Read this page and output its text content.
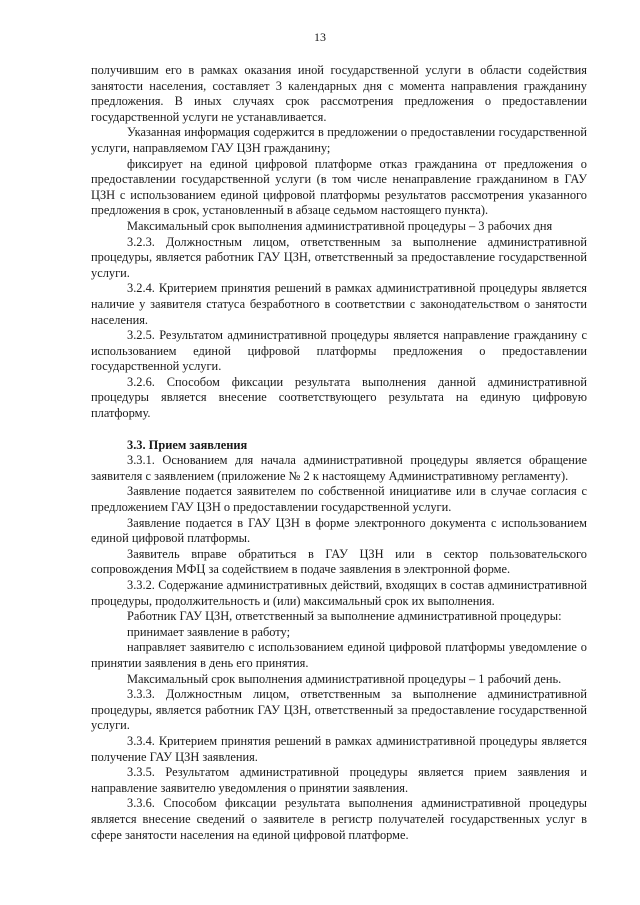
13

получившим его в рамках оказания иной государственной услуги в области содействия занятости населения, составляет 3 календарных дня с момента направления гражданину предложения. В иных случаях срок рассмотрения предложения о предоставлении государственной услуги не устанавливается.

Указанная информация содержится в предложении о предоставлении государственной услуги, направляемом ГАУ ЦЗН гражданину;

фиксирует на единой цифровой платформе отказ гражданина от предложения о предоставлении государственной услуги (в том числе ненаправление гражданином в ГАУ ЦЗН с использованием единой цифровой платформы результатов рассмотрения указанного предложения в срок, установленный в абзаце седьмом настоящего пункта).

Максимальный срок выполнения административной процедуры – 3 рабочих дня

3.2.3. Должностным лицом, ответственным за выполнение административной процедуры, является работник ГАУ ЦЗН, ответственный за предоставление государственной услуги.

3.2.4. Критерием принятия решений в рамках административной процедуры является наличие у заявителя статуса безработного в соответствии с законодательством о занятости населения.

3.2.5. Результатом административной процедуры является направление гражданину с использованием единой цифровой платформы предложения о предоставлении государственной услуги.

3.2.6. Способом фиксации результата выполнения данной административной процедуры является внесение соответствующего результата на единую цифровую платформу.

3.3. Прием заявления

3.3.1. Основанием для начала административной процедуры является обращение заявителя с заявлением (приложение № 2 к настоящему Административному регламенту).

Заявление подается заявителем по собственной инициативе или в случае согласия с предложением ГАУ ЦЗН о предоставлении государственной услуги.

Заявление подается в ГАУ ЦЗН в форме электронного документа с использованием единой цифровой платформы.

Заявитель вправе обратиться в ГАУ ЦЗН или в сектор пользовательского сопровождения МФЦ за содействием в подаче заявления в электронной форме.

3.3.2. Содержание административных действий, входящих в состав административной процедуры, продолжительность и (или) максимальный срок их выполнения.

Работник ГАУ ЦЗН, ответственный за выполнение административной процедуры:

принимает заявление в работу;

направляет заявителю с использованием единой цифровой платформы уведомление о принятии заявления в день его принятия.

Максимальный срок выполнения административной процедуры – 1 рабочий день.

3.3.3. Должностным лицом, ответственным за выполнение административной процедуры, является работник ГАУ ЦЗН, ответственный за предоставление государственной услуги.

3.3.4. Критерием принятия решений в рамках административной процедуры является получение ГАУ ЦЗН заявления.

3.3.5. Результатом административной процедуры является прием заявления и направление заявителю уведомления о принятии заявления.

3.3.6. Способом фиксации результата выполнения административной процедуры является внесение сведений о заявителе в регистр получателей государственных услуг в сфере занятости населения на единой цифровой платформе.
